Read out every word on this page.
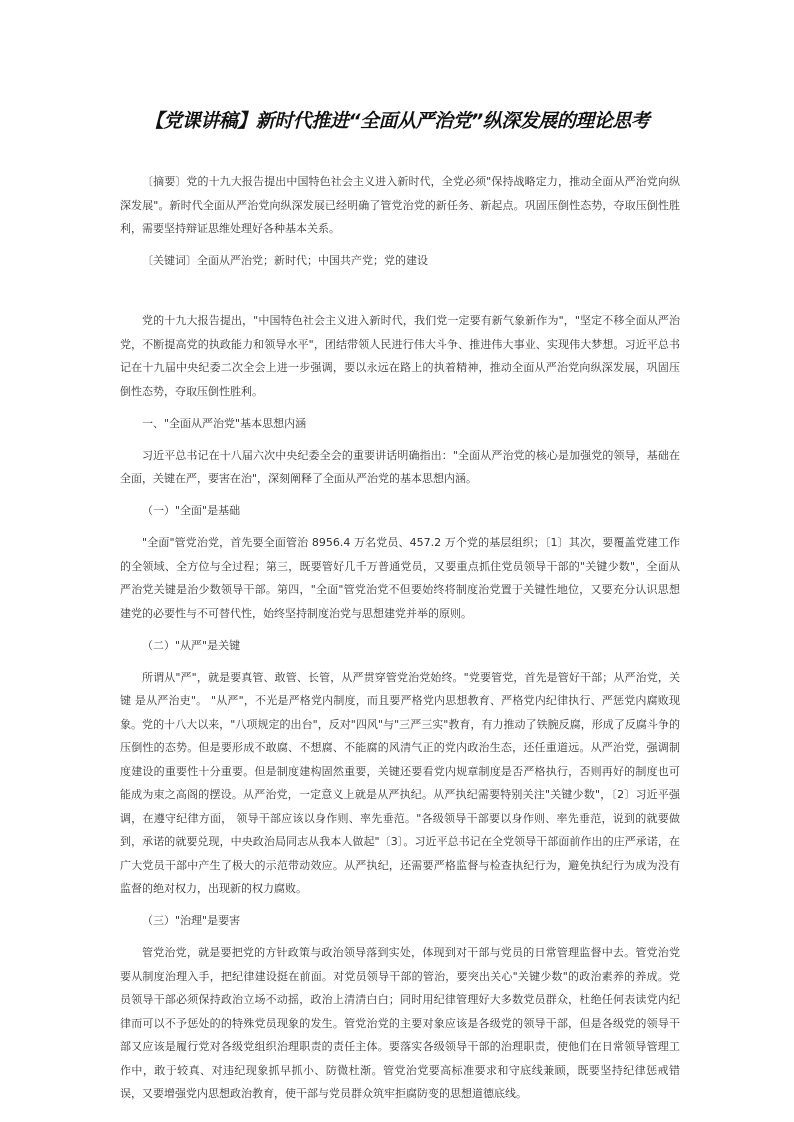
【党课讲稿】新时代推进“全面从严治党”纵深发展的理论思考

〔摘要〕党的十九大报告提出中国特色社会主义进入新时代，全党必须"保持战略定力，推动全面从严治党向纵深发展"。新时代全面从严治党向纵深发展已经明确了管党治党的新任务、新起点。巩固压倒性态势，夺取压倒性胜利，需要坚持辩证思维处理好各种基本关系。

〔关键词〕全面从严治党；新时代；中国共产党；党的建设

党的十九大报告提出，"中国特色社会主义进入新时代，我们党一定要有新气象新作为"，"坚定不移全面从严治党，不断提高党的执政能力和领导水平"，团结带领人民进行伟大斗争、推进伟大事业、实现伟大梦想。习近平总书记在十九届中央纪委二次全会上进一步强调，要以永远在路上的执着精神，推动全面从严治党向纵深发展，巩固压倒性态势，夺取压倒性胜利。

一、"全面从严治党"基本思想内涵

习近平总书记在十八届六次中央纪委全会的重要讲话明确指出："全面从严治党的核心是加强党的领导，基础在全面，关键在严，要害在治"，深刻阐释了全面从严治党的基本思想内涵。

（一）"全面"是基础

"全面"管党治党，首先要全面管治 8956.4 万名党员、457.2 万个党的基层组织；〔1〕其次，要覆盖党建工作的全领域、全方位与全过程；第三，既要管好几千万普通党员，又要重点抓住党员领导干部的"关键少数"，全面从严治党关键是治少数领导干部。第四，"全面"管党治党不但要始终将制度治党置于关键性地位，又要充分认识思想建党的必要性与不可替代性，始终坚持制度治党与思想建党并举的原则。

（二）"从严"是关键

所谓从"严"，就是要真管、敢管、长管，从严贯穿管党治党始终。"党要管党，首先是管好干部；从严治党，关键 是从严治吏"。 "从严"，不光是严格党内制度，而且要严格党内思想教育、严格党内纪律执行、严惩党内腐败现象。党的十八大以来，"八项规定的出台"，反对"四风"与"三严三实"教育，有力推动了铁腕反腐，形成了反腐斗争的压倒性的态势。但是要形成不敢腐、不想腐、不能腐的风清气正的党内政治生态，还任重道远。从严治党，强调制度建设的重要性十分重要。但是制度建构固然重要，关键还要看党内规章制度是否严格执行，否则再好的制度也可能成为束之高阁的摆设。从严治党，一定意义上就是从严执纪。从严执纪需要特别关注"关键少数"，〔2〕习近平强调，在遵守纪律方面， 领导干部应该以身作则、率先垂范。"各级领导干部要以身作则、率先垂范，说到的就要做到，承诺的就要兑现，中央政治局同志从我本人做起"〔3〕。习近平总书记在全党领导干部面前作出的庄严承诺，在广大党员干部中产生了极大的示范带动效应。从严执纪，还需要严格监督与检查执纪行为，避免执纪行为成为没有监督的绝对权力，出现新的权力腐败。

（三）"治理"是要害

管党治党，就是要把党的方针政策与政治领导落到实处，体现到对干部与党员的日常管理监督中去。管党治党要从制度治理入手，把纪律建设挺在前面。对党员领导干部的管治，要突出关心"关键少数"的政治素养的养成。党员领导干部必须保持政治立场不动摇，政治上清清白白；同时用纪律管理好大多数党员群众，杜绝任何表读党内纪律而可以不予惩处的的特殊党员现象的发生。管党治党的主要对象应该是各级党的领导干部，但是各级党的领导干部又应该是履行党对各级党组织治理职责的责任主体。要落实各级领导干部的治理职责，使他们在日常领导管理工作中，敢于较真、对违纪现象抓早抓小、防微杜渐。管党治党要高标准要求和守底线兼顾，既要坚持纪律惩戒错误，又要增强党内思想政治教育，使干部与党员群众筑牢拒腐防变的思想道德底线。
